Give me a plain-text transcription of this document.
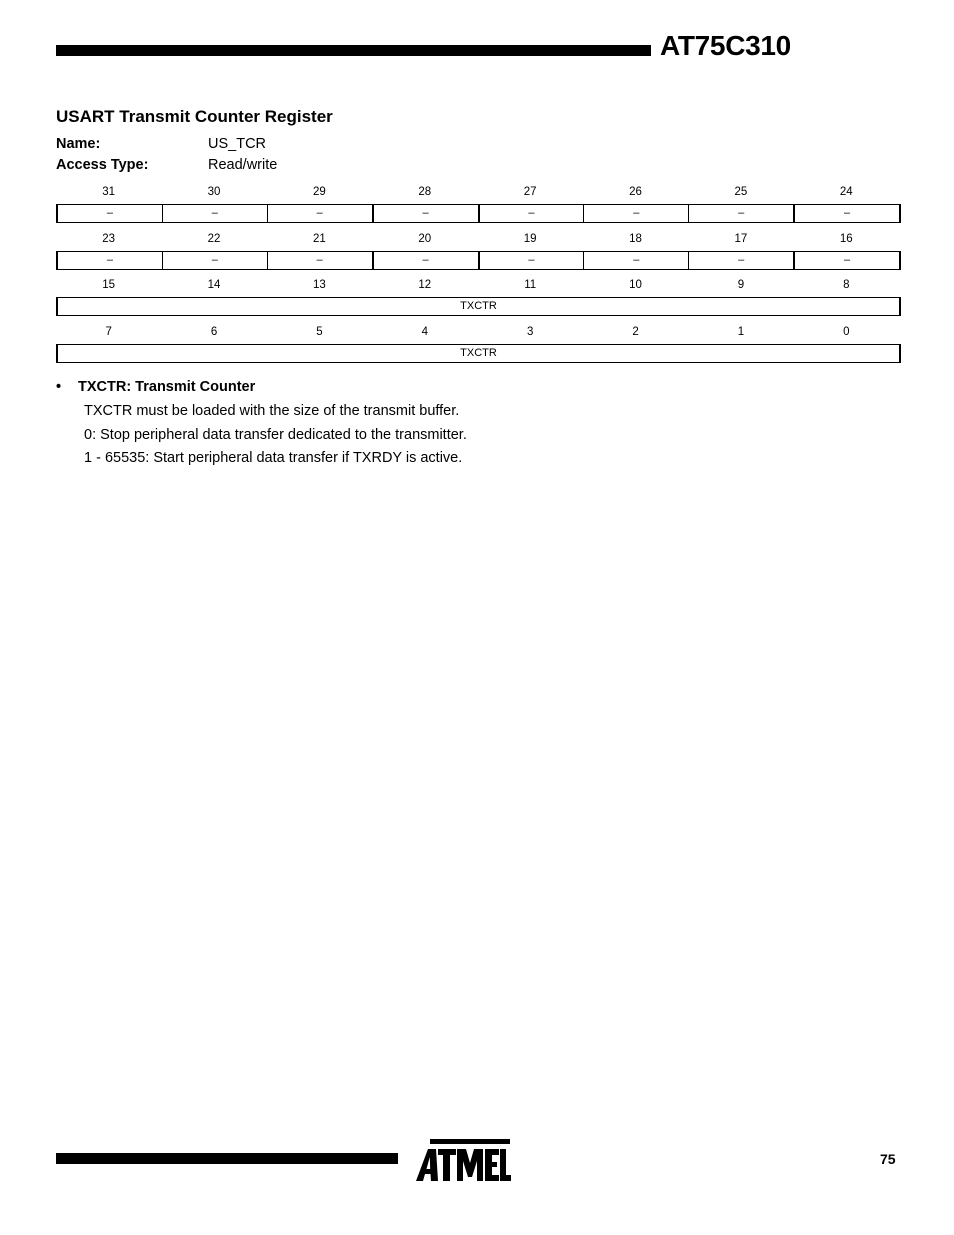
AT75C310
USART Transmit Counter Register
Name:	US_TCR
Access Type:	Read/write
31	30	29	28	27	26	25	24
–	–	–	–	–	–	–	–
23	22	21	20	19	18	17	16
–	–	–	–	–	–	–	–
15	14	13	12	11	10	9	8
TXCTR
7	6	5	4	3	2	1	0
TXCTR
• TXCTR: Transmit Counter
TXCTR must be loaded with the size of the transmit buffer.
0: Stop peripheral data transfer dedicated to the transmitter.
1 - 65535: Start peripheral data transfer if TXRDY is active.
75
